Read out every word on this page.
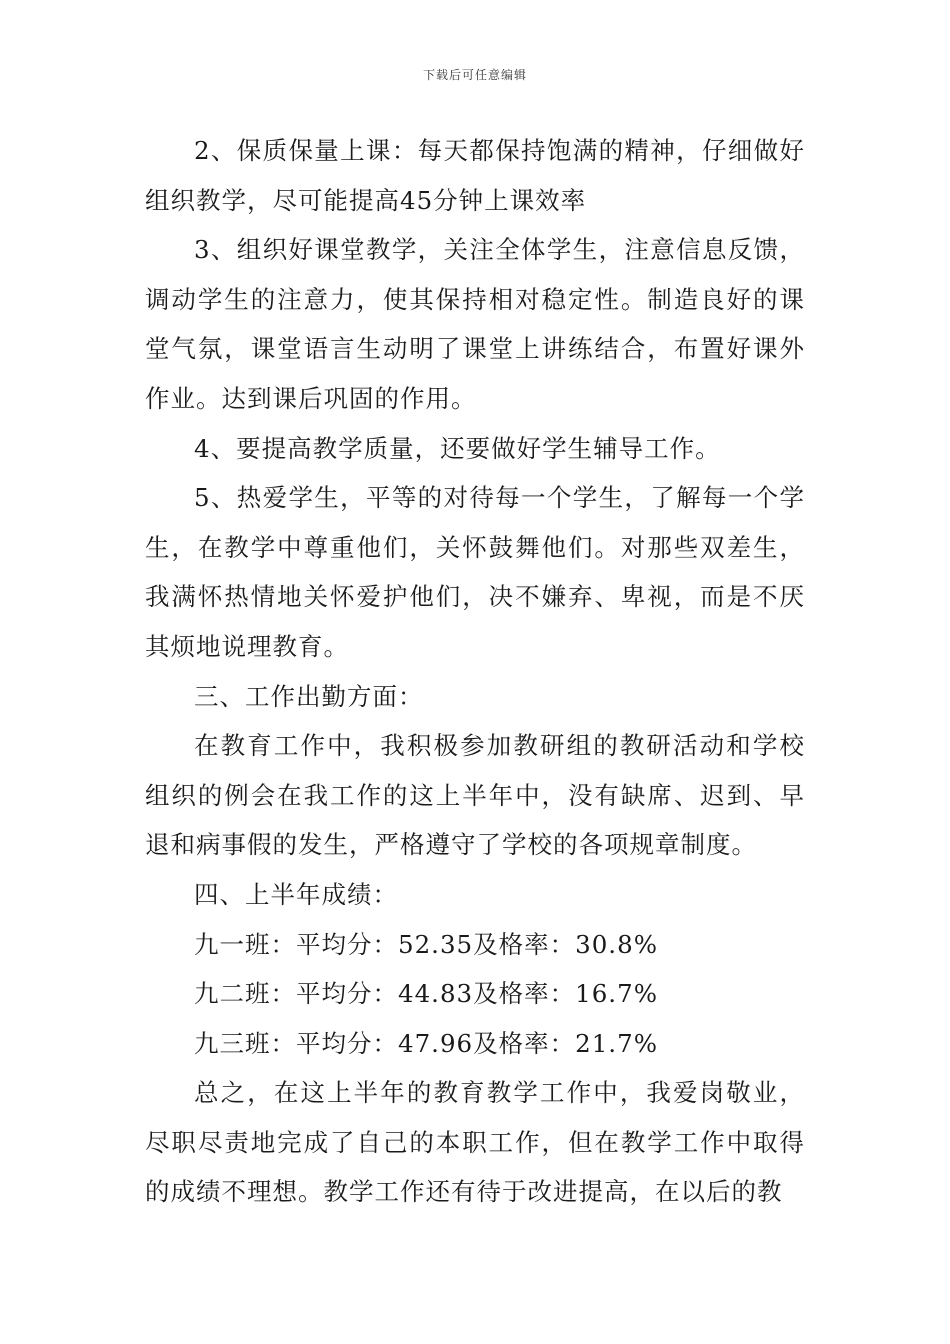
下载后可任意编辑

2、保质保量上课：每天都保持饱满的精神，仔细做好组织教学，尽可能提高45分钟上课效率

3、组织好课堂教学，关注全体学生，注意信息反馈，调动学生的注意力，使其保持相对稳定性。制造良好的课堂气氛，课堂语言生动明了课堂上讲练结合，布置好课外作业。达到课后巩固的作用。

4、要提高教学质量，还要做好学生辅导工作。

5、热爱学生，平等的对待每一个学生，了解每一个学生，在教学中尊重他们，关怀鼓舞他们。对那些双差生，我满怀热情地关怀爱护他们，决不嫌弃、卑视，而是不厌其烦地说理教育。

三、工作出勤方面：

在教育工作中，我积极参加教研组的教研活动和学校组织的例会在我工作的这上半年中，没有缺席、迟到、早退和病事假的发生，严格遵守了学校的各项规章制度。

四、上半年成绩：

九一班：平均分：52.35及格率：30.8%

九二班：平均分：44.83及格率：16.7%

九三班：平均分：47.96及格率：21.7%

总之，在这上半年的教育教学工作中，我爱岗敬业，尽职尽责地完成了自己的本职工作，但在教学工作中取得的成绩不理想。教学工作还有待于改进提高，在以后的教
